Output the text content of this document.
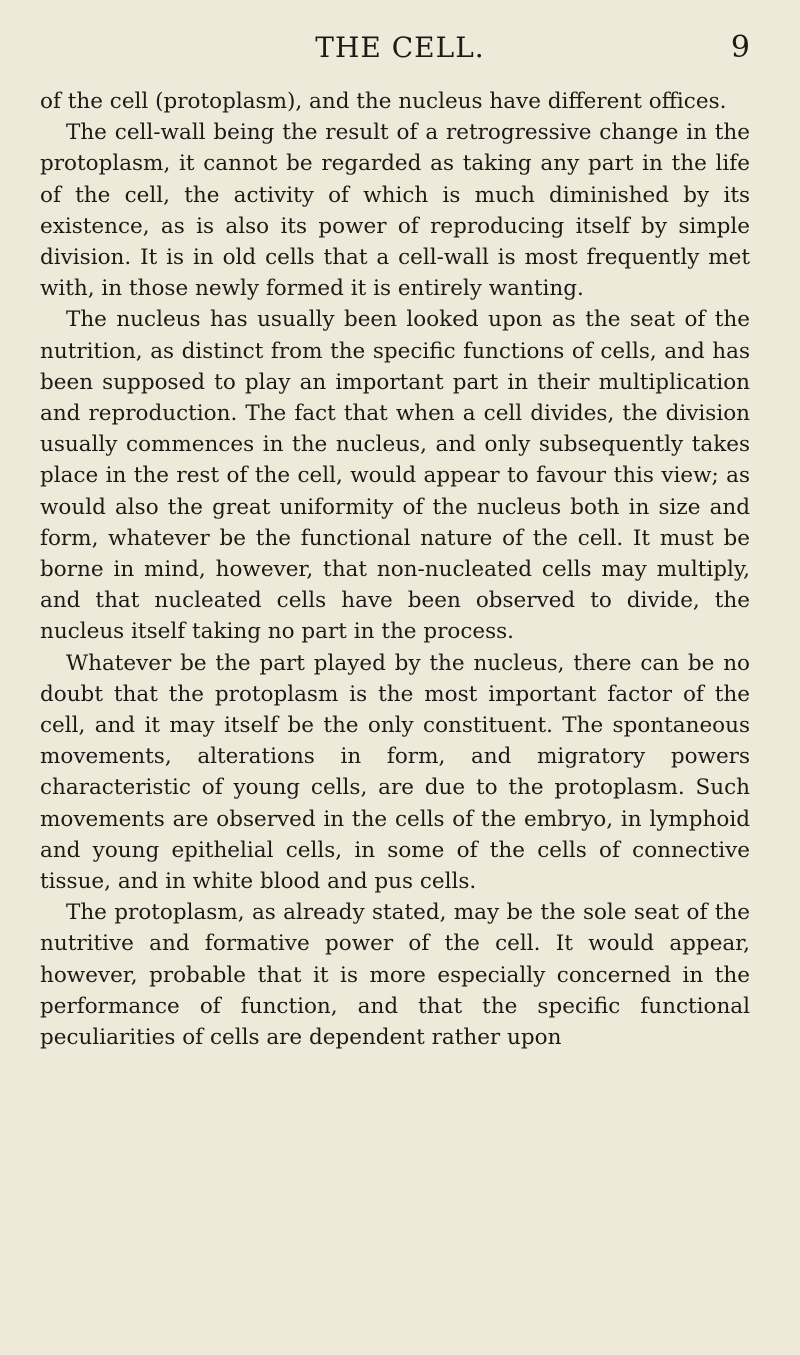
THE CELL.	9

of the cell (protoplasm), and the nucleus have different offices.

The cell-wall being the result of a retrogressive change in the protoplasm, it cannot be regarded as taking any part in the life of the cell, the activity of which is much diminished by its existence, as is also its power of reproducing itself by simple division. It is in old cells that a cell-wall is most frequently met with, in those newly formed it is entirely wanting.

The nucleus has usually been looked upon as the seat of the nutrition, as distinct from the specific functions of cells, and has been supposed to play an important part in their multiplication and reproduction. The fact that when a cell divides, the division usually commences in the nucleus, and only subsequently takes place in the rest of the cell, would appear to favour this view; as would also the great uniformity of the nucleus both in size and form, whatever be the functional nature of the cell. It must be borne in mind, however, that non-nucleated cells may multiply, and that nucleated cells have been observed to divide, the nucleus itself taking no part in the process.

Whatever be the part played by the nucleus, there can be no doubt that the protoplasm is the most important factor of the cell, and it may itself be the only constituent. The spontaneous movements, alterations in form, and migratory powers characteristic of young cells, are due to the protoplasm. Such movements are observed in the cells of the embryo, in lymphoid and young epithelial cells, in some of the cells of connective tissue, and in white blood and pus cells.

The protoplasm, as already stated, may be the sole seat of the nutritive and formative power of the cell. It would appear, however, probable that it is more especially concerned in the performance of function, and that the specific functional peculiarities of cells are dependent rather upon
